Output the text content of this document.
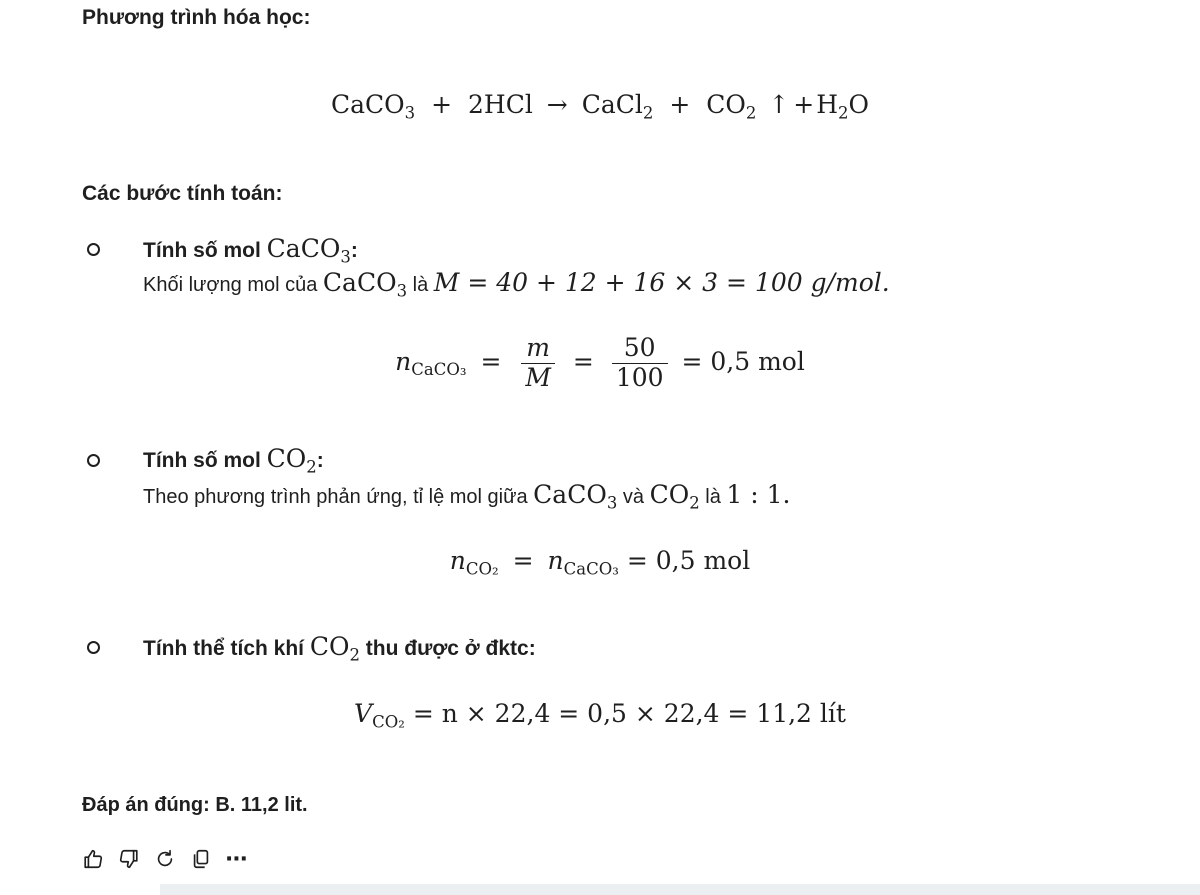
Phương trình hóa học:
CaCO$_3$ + 2HCl → CaCl$_2$ + $CO_2$ ↑ $+H_2O$
Các bước tính toán:
Tính số mol CaCO$_3$:
Khối lượng mol của CaCO$_3$ là M = 40 + 12 + 16 × 3 = 100 g/mol.
$n_{CaCO_3} = \frac{m}{M} = \frac{50}{100} = 0,5$ mol
Tính số mol $CO_2$:
Theo phương trình phản ứng, tỉ lệ mol giữa CaCO$_3$ và $CO_2$ là 1 : 1.
$n_{CO_2} = n_{CaCO_3} = 0,5$ mol
Tính thể tích khí $CO_2$ thu được ở đktc:
$V_{CO_2} = n \times 22,4 = 0,5 \times 22,4 = 11,2$ lít
Đáp án đúng: B. 11,2 lit.
⋯
